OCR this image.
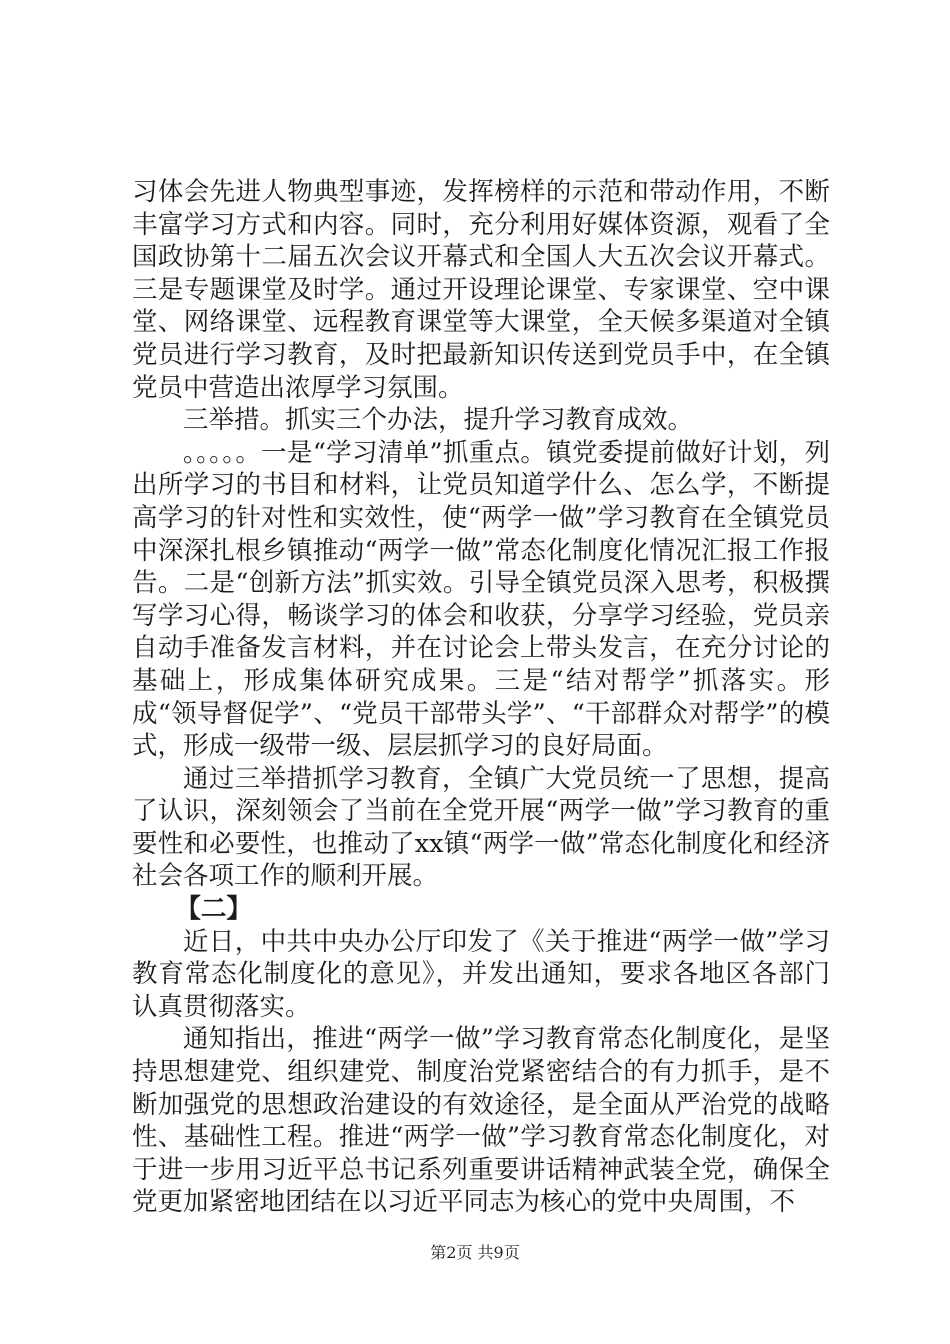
习体会先进人物典型事迹，发挥榜样的示范和带动作用，不断丰富学习方式和内容。同时，充分利用好媒体资源，观看了全国政协第十二届五次会议开幕式和全国人大五次会议开幕式。三是专题课堂及时学。通过开设理论课堂、专家课堂、空中课堂、网络课堂、远程教育课堂等大课堂，全天候多渠道对全镇党员进行学习教育，及时把最新知识传送到党员手中，在全镇党员中营造出浓厚学习氛围。

三举措。抓实三个办法，提升学习教育成效。

。。。。。一是“学习清单”抓重点。镇党委提前做好计划，列出所学习的书目和材料，让党员知道学什么、怎么学，不断提高学习的针对性和实效性，使“两学一做”学习教育在全镇党员中深深扎根乡镇推动“两学一做”常态化制度化情况汇报工作报告。二是“创新方法”抓实效。引导全镇党员深入思考，积极撰写学习心得，畅谈学习的体会和收获，分享学习经验，党员亲自动手准备发言材料，并在讨论会上带头发言，在充分讨论的基础上，形成集体研究成果。三是“结对帮学”抓落实。形成“领导督促学”、“党员干部带头学”、“干部群众对帮学”的模式，形成一级带一级、层层抓学习的良好局面。

通过三举措抓学习教育，全镇广大党员统一了思想，提高了认识，深刻领会了当前在全党开展“两学一做”学习教育的重要性和必要性，也推动了xx镇“两学一做”常态化制度化和经济社会各项工作的顺利开展。

【二】

近日，中共中央办公厅印发了《关于推进“两学一做”学习教育常态化制度化的意见》，并发出通知，要求各地区各部门认真贯彻落实。

通知指出，推进“两学一做”学习教育常态化制度化，是坚持思想建党、组织建党、制度治党紧密结合的有力抓手，是不断加强党的思想政治建设的有效途径，是全面从严治党的战略性、基础性工程。推进“两学一做”学习教育常态化制度化，对于进一步用习近平总书记系列重要讲话精神武装全党，确保全党更加紧密地团结在以习近平同志为核心的党中央周围，不

第2页 共9页
